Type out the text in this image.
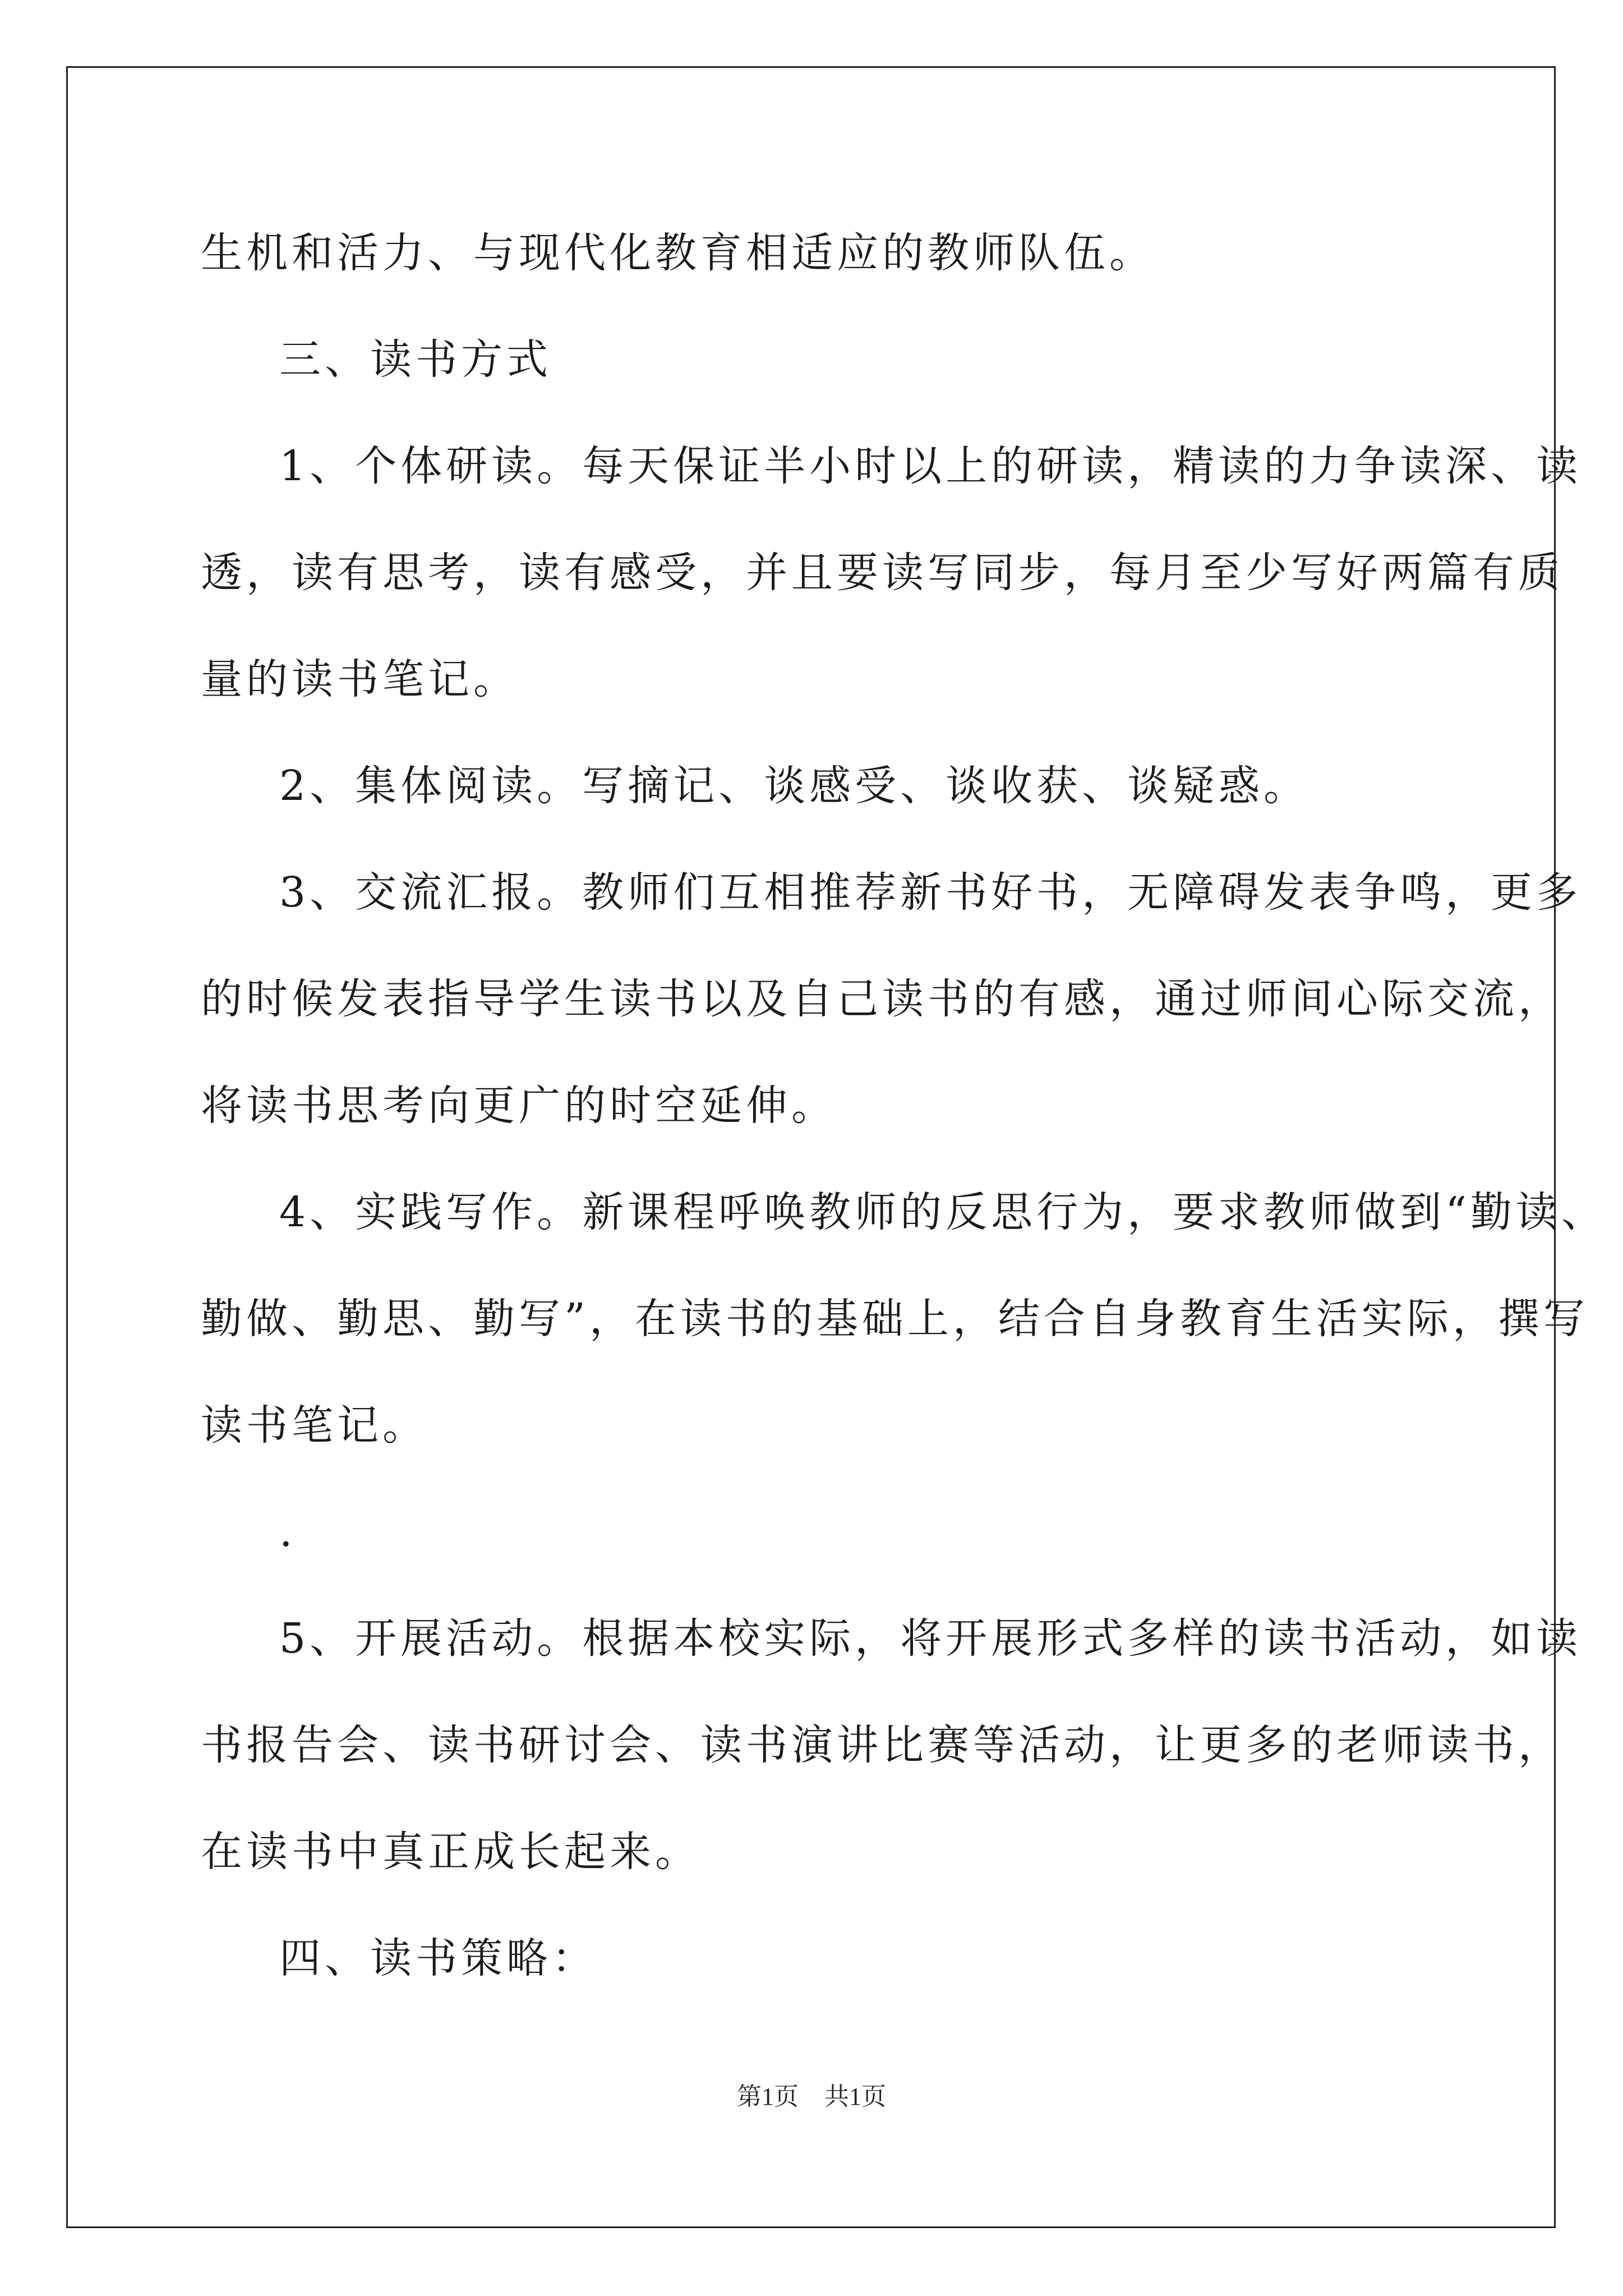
生机和活力、与现代化教育相适应的教师队伍。
三、读书方式
1、个体研读。每天保证半小时以上的研读，精读的力争读深、读
透，读有思考，读有感受，并且要读写同步，每月至少写好两篇有质
量的读书笔记。
2、集体阅读。写摘记、谈感受、谈收获、谈疑惑。
3、交流汇报。教师们互相推荐新书好书，无障碍发表争鸣，更多
的时候发表指导学生读书以及自己读书的有感，通过师间心际交流，
将读书思考向更广的时空延伸。
4、实践写作。新课程呼唤教师的反思行为，要求教师做到“勤读、
勤做、勤思、勤写”，在读书的基础上，结合自身教育生活实际，撰写
读书笔记。
.
5、开展活动。根据本校实际，将开展形式多样的读书活动，如读
书报告会、读书研讨会、读书演讲比赛等活动，让更多的老师读书，
在读书中真正成长起来。
四、读书策略：
第1页 共1页
